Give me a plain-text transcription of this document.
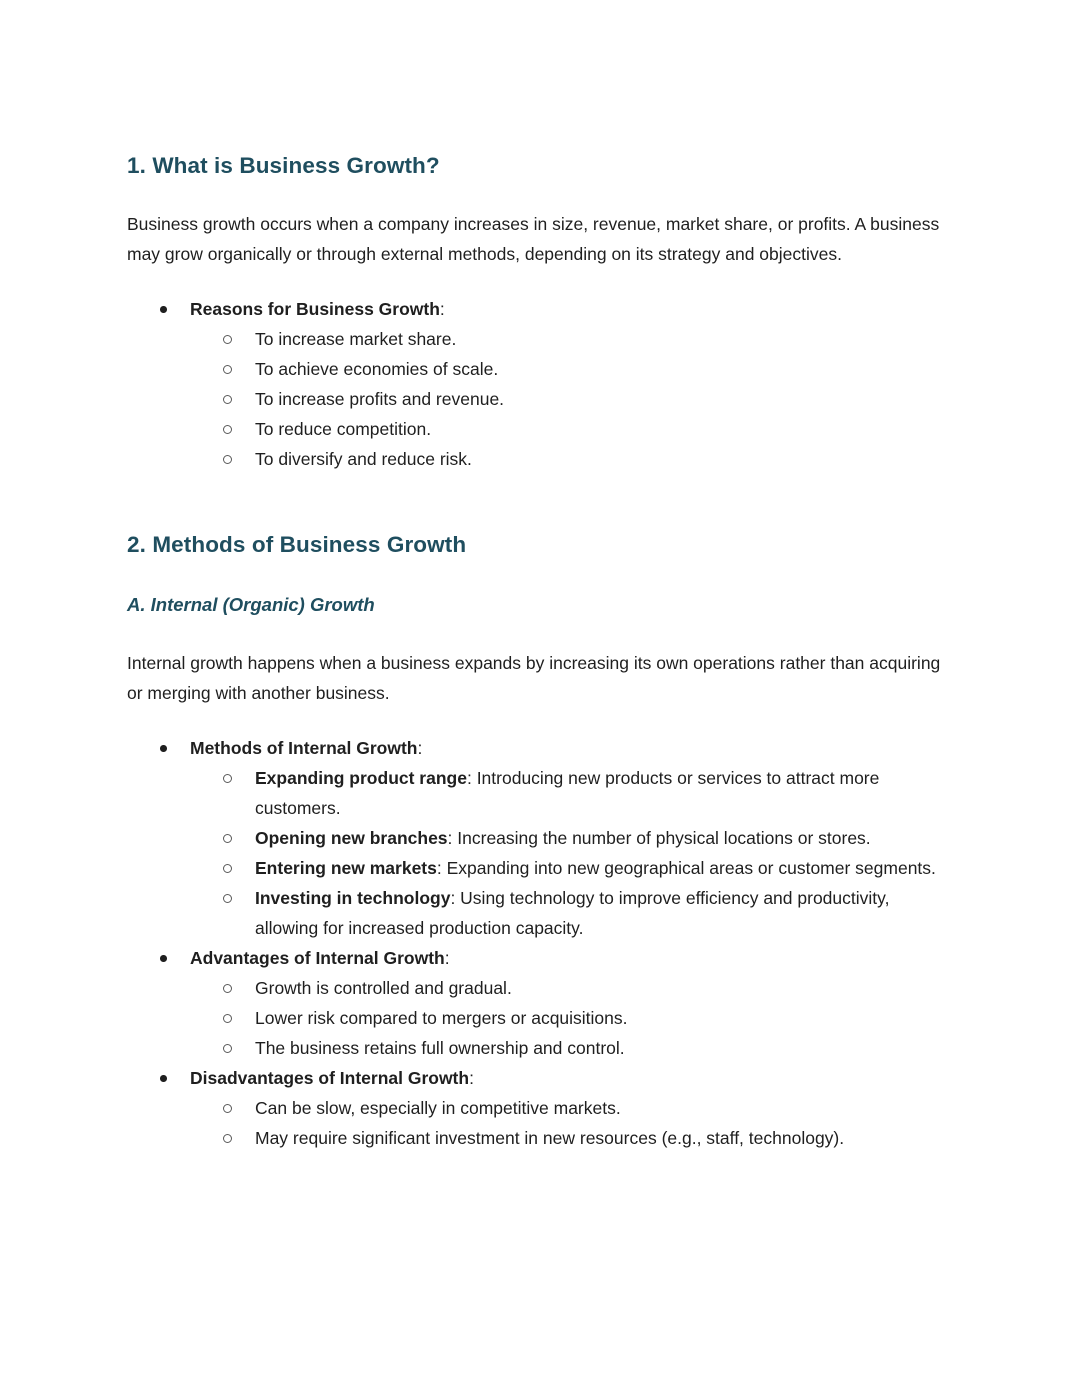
1. What is Business Growth?

Business growth occurs when a company increases in size, revenue, market share, or profits. A business may grow organically or through external methods, depending on its strategy and objectives.

Reasons for Business Growth:
To increase market share.
To achieve economies of scale.
To increase profits and revenue.
To reduce competition.
To diversify and reduce risk.
2. Methods of Business Growth
A. Internal (Organic) Growth

Internal growth happens when a business expands by increasing its own operations rather than acquiring or merging with another business.

Methods of Internal Growth:
Expanding product range: Introducing new products or services to attract more customers.
Opening new branches: Increasing the number of physical locations or stores.
Entering new markets: Expanding into new geographical areas or customer segments.
Investing in technology: Using technology to improve efficiency and productivity, allowing for increased production capacity.
Advantages of Internal Growth:
Growth is controlled and gradual.
Lower risk compared to mergers or acquisitions.
The business retains full ownership and control.
Disadvantages of Internal Growth:
Can be slow, especially in competitive markets.
May require significant investment in new resources (e.g., staff, technology).
